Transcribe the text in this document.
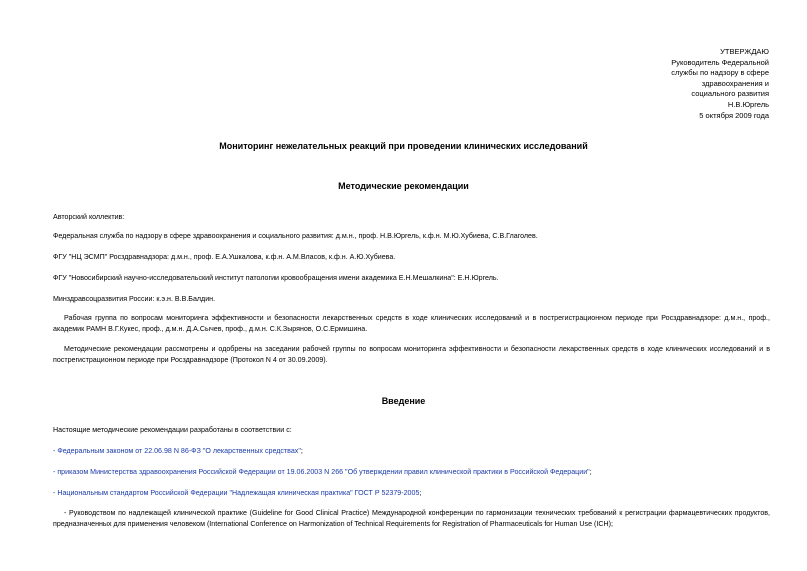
УТВЕРЖДАЮ
Руководитель Федеральной
службы по надзору в сфере
здравоохранения и
социального развития
Н.В.Юргель
5 октября 2009 года
Мониторинг нежелательных реакций при проведении клинических исследований
Методические рекомендации
Авторский коллектив:
Федеральная служба по надзору в сфере здравоохранения и социального развития: д.м.н., проф. Н.В.Юргель, к.ф.н. М.Ю.Хубиева, С.В.Глаголев.
ФГУ "НЦ ЭСМП" Росздравнадзора: д.м.н., проф. Е.А.Ушкалова, к.ф.н. А.М.Власов, к.ф.н. А.Ю.Хубиева.
ФГУ "Новосибирский научно-исследовательский институт патологии кровообращения имени академика Е.Н.Мешалкина": Е.Н.Юргель.
Минздравсоцразвития России: к.э.н. В.В.Балдин.
Рабочая группа по вопросам мониторинга эффективности и безопасности лекарственных средств в ходе клинических исследований и в пострегистрационном периоде при Росздравнадзоре: д.м.н., проф., академик РАМН В.Г.Кукес, проф., д.м.н. Д.А.Сычев, проф., д.м.н. С.К.Зырянов, О.С.Ермишина.
Методические рекомендации рассмотрены и одобрены на заседании рабочей группы по вопросам мониторинга эффективности и безопасности лекарственных средств в ходе клинических исследований и в пострегистрационном периоде при Росздравнадзоре (Протокол N 4 от 30.09.2009).
Введение
Настоящие методические рекомендации разработаны в соответствии с:
- Федеральным законом от 22.06.98 N 86-ФЗ "О лекарственных средствах";
- приказом Министерства здравоохранения Российской Федерации от 19.06.2003 N 266 "Об утверждении правил клинической практики в Российской Федерации";
- Национальным стандартом Российской Федерации "Надлежащая клиническая практика" ГОСТ Р 52379-2005;
- Руководством по надлежащей клинической практике (Guideline for Good Clinical Practice) Международной конференции по гармонизации технических требований к регистрации фармацевтических продуктов, предназначенных для применения человеком (International Conference on Harmonization of Technical Requirements for Registration of Pharmaceuticals for Human Use (ICH);
